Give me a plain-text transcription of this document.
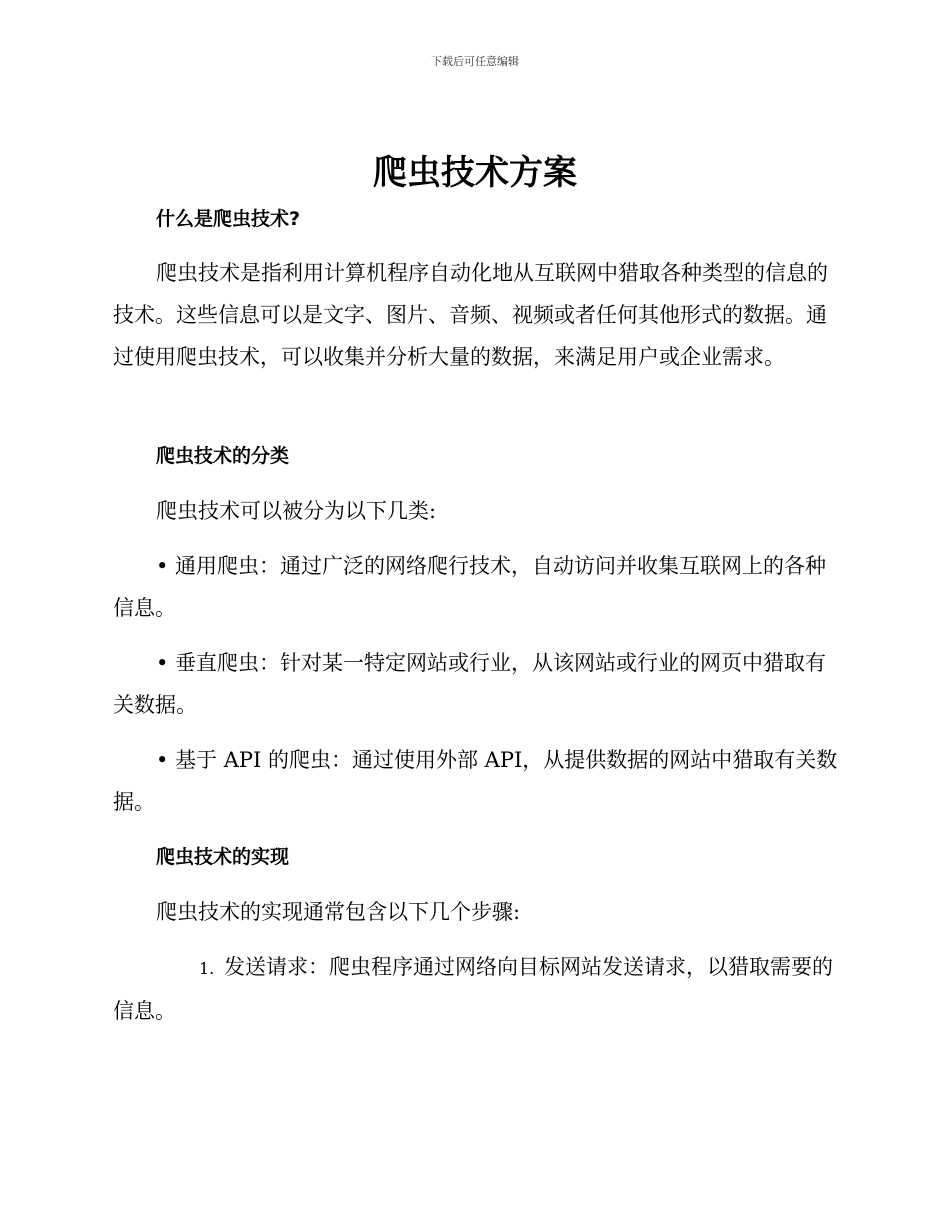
下载后可任意编辑
爬虫技术方案
什么是爬虫技术?

爬虫技术是指利用计算机程序自动化地从互联网中猎取各种类型的信息的技术。这些信息可以是文字、图片、音频、视频或者任何其他形式的数据。通过使用爬虫技术，可以收集并分析大量的数据，来满足用户或企业需求。

爬虫技术的分类

爬虫技术可以被分为以下几类:

• 通用爬虫：通过广泛的网络爬行技术，自动访问并收集互联网上的各种信息。

• 垂直爬虫：针对某一特定网站或行业，从该网站或行业的网页中猎取有关数据。

• 基于 API 的爬虫：通过使用外部 API，从提供数据的网站中猎取有关数据。

爬虫技术的实现

爬虫技术的实现通常包含以下几个步骤:

1. 发送请求：爬虫程序通过网络向目标网站发送请求，以猎取需要的信息。
